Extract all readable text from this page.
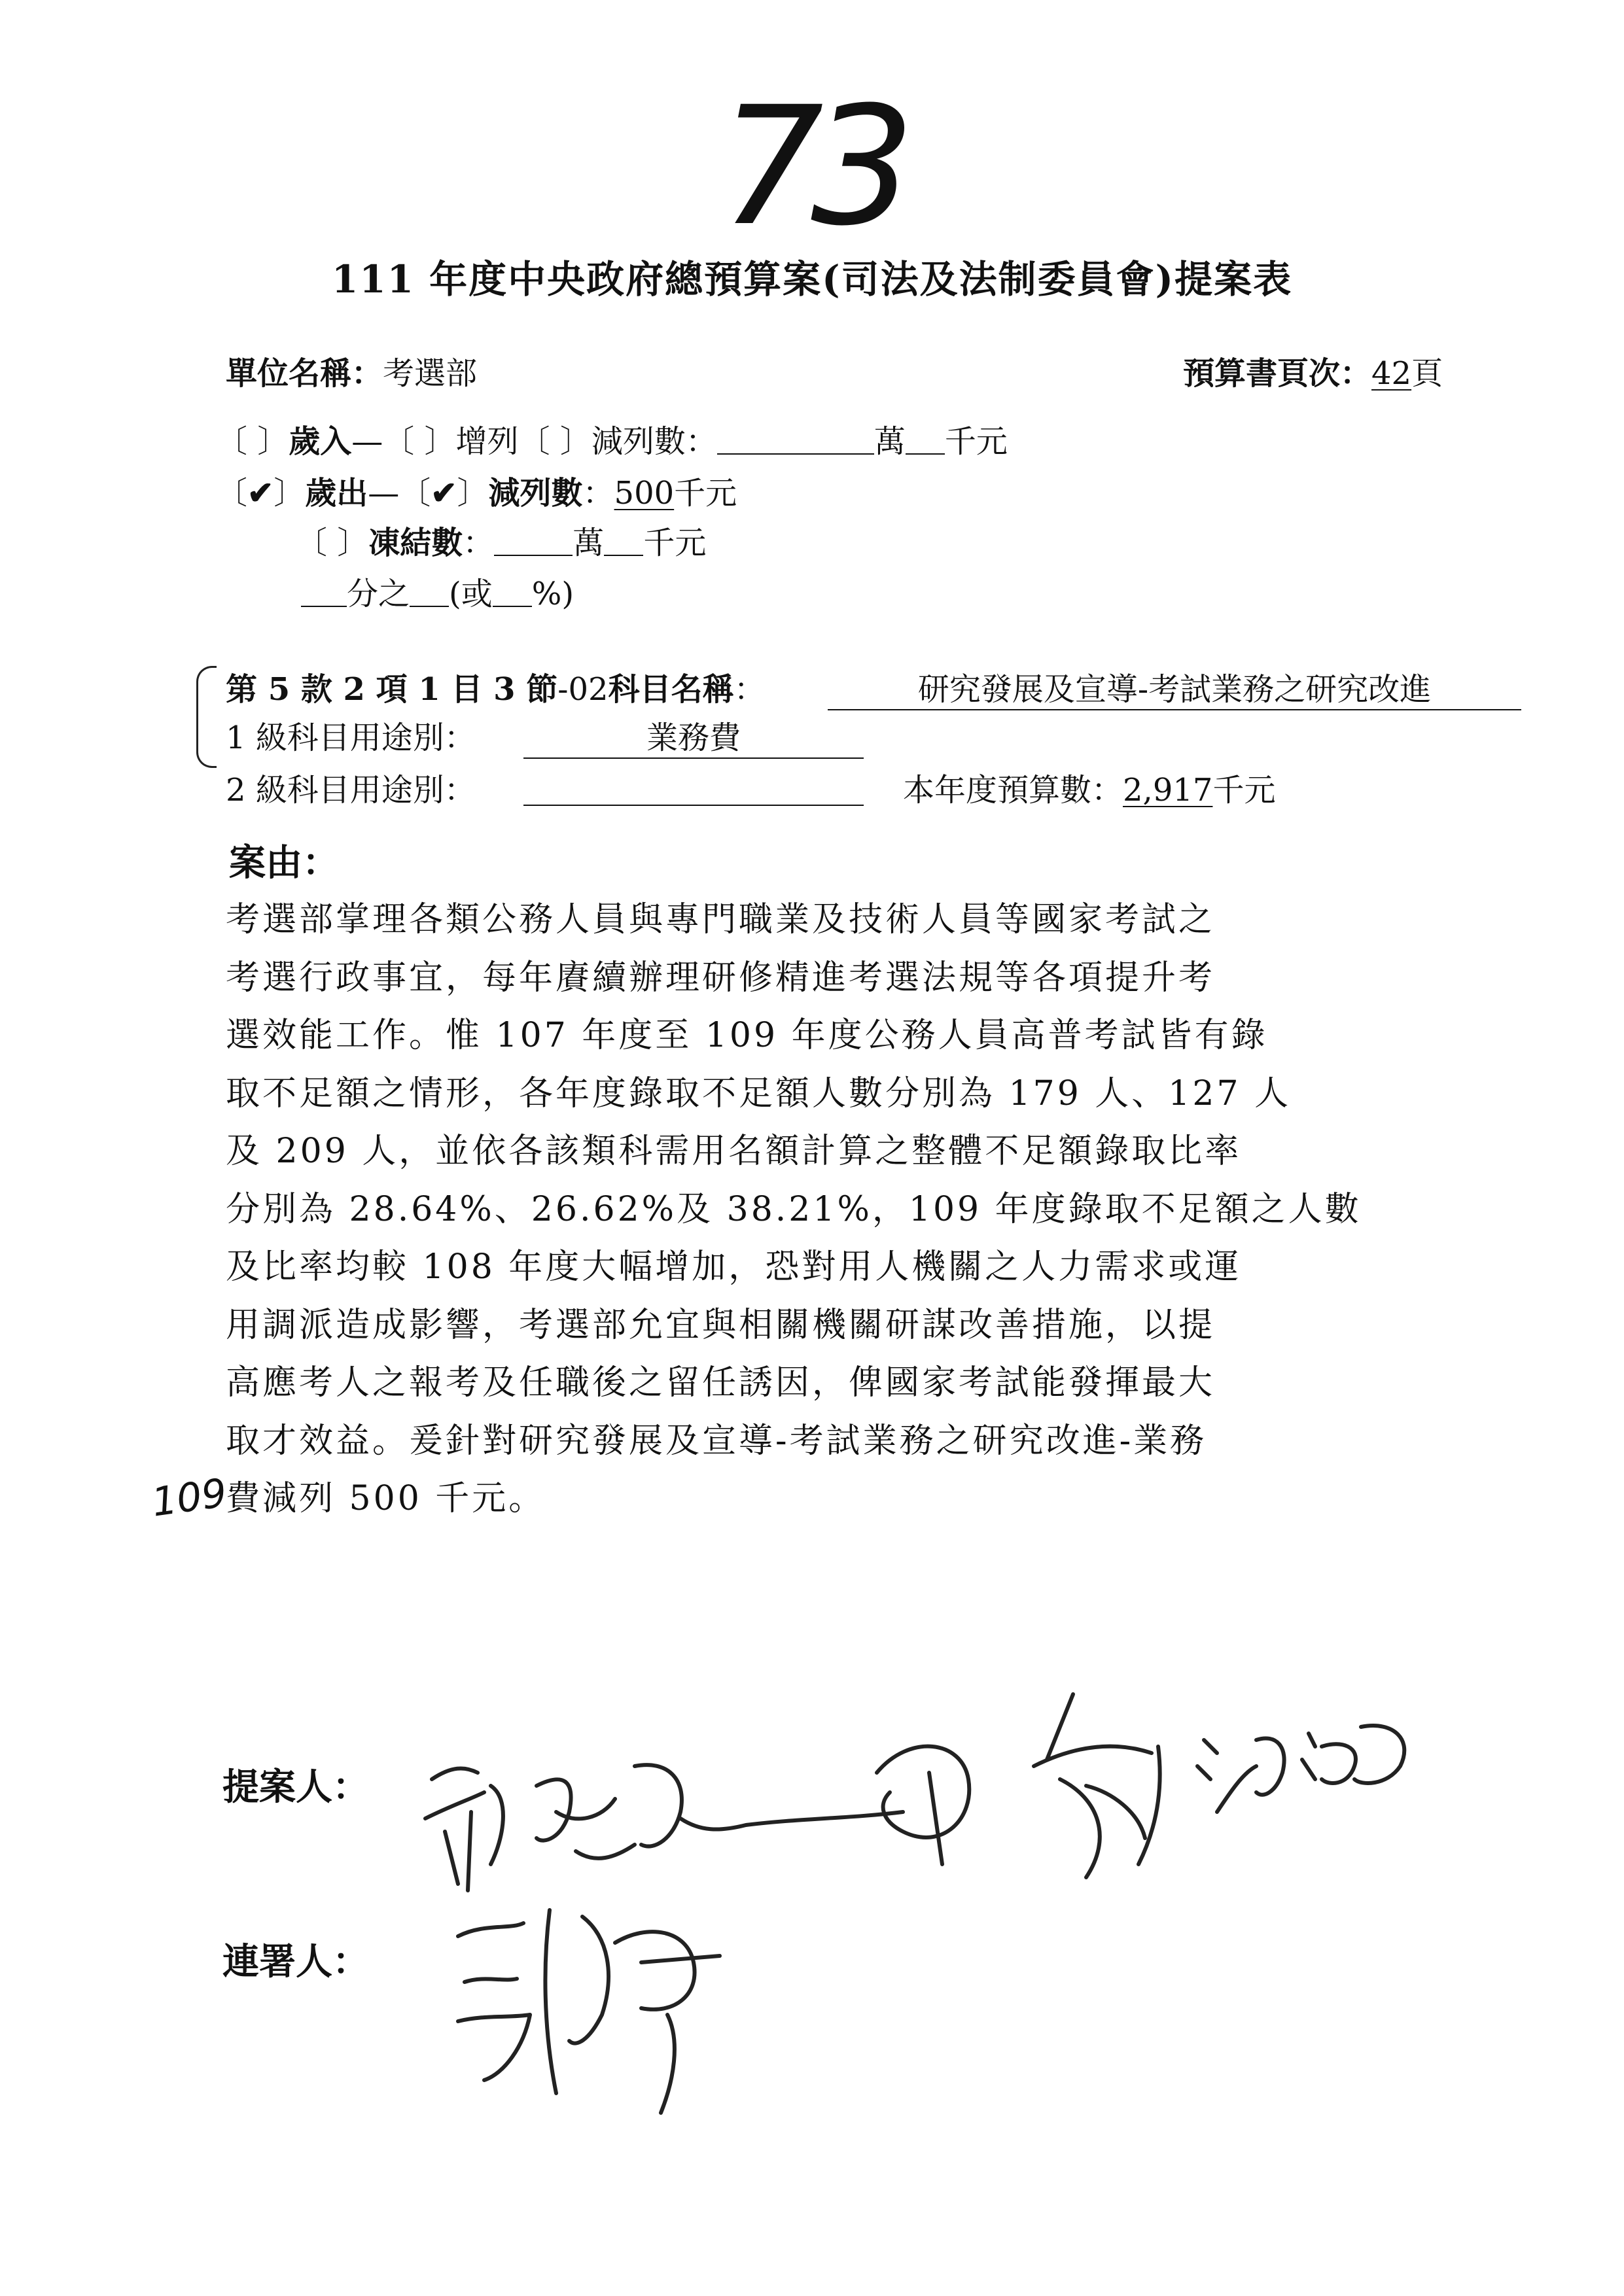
73
111 年度中央政府總預算案(司法及法制委員會)提案表
單位名稱：考選部	預算書頁次：42頁
〔 〕歲入—〔 〕增列〔 〕減列數：	萬 千元
〔✔〕歲出—〔✔〕減列數：500千元
〔 〕凍結數：	萬 千元
分之 (或 %)
第 5 款 2 項 1 目 3 節-02科目名稱：	研究發展及宣導-考試業務之研究改進
1 級科目用途別：	業務費
2 級科目用途別：	本年度預算數：2,917千元
案由：
考選部掌理各類公務人員與專門職業及技術人員等國家考試之
考選行政事宜，每年賡續辦理研修精進考選法規等各項提升考
選效能工作。惟 107 年度至 109 年度公務人員高普考試皆有錄
取不足額之情形，各年度錄取不足額人數分別為 179 人、127 人
及 209 人，並依各該類科需用名額計算之整體不足額錄取比率
分別為 28.64%、26.62%及 38.21%，109 年度錄取不足額之人數
及比率均較 108 年度大幅增加，恐對用人機關之人力需求或運
用調派造成影響，考選部允宜與相關機關研謀改善措施，以提
高應考人之報考及任職後之留任誘因，俾國家考試能發揮最大
取才效益。爰針對研究發展及宣導-考試業務之研究改進-業務
費減列 500 千元。
109
提案人：
連署人：
